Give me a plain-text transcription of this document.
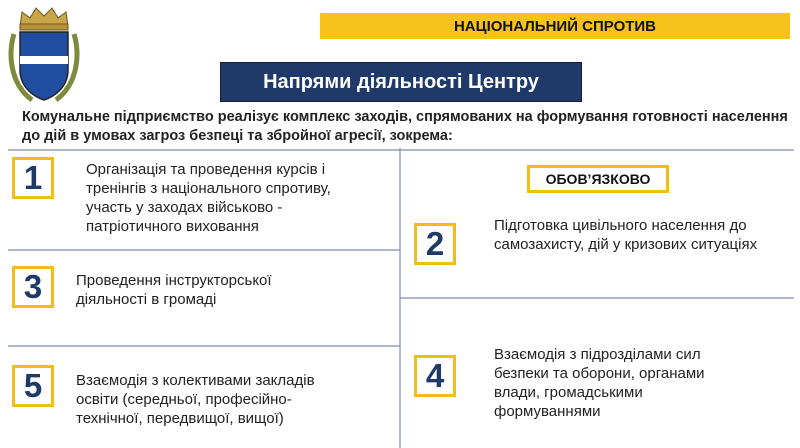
НАЦІОНАЛЬНИЙ СПРОТИВ
Напрями діяльності Центру
Комунальне підприємство реалізує комплекс заходів, спрямованих на формування готовності населення до дій в умовах загроз безпеці та збройної агресії, зокрема:
1	Організація та проведення курсів і тренінгів з національного спротиву, участь у заходах військово - патріотичного виховання
3	Проведення інструкторської діяльності в громаді
5	Взаємодія з колективами закладів освіти (середньої, професійно-технічної, передвищої, вищої)
ОБОВ’ЯЗКОВО
2	Підготовка цивільного населення до самозахисту, дій у кризових ситуаціях
4
Взаємодія з підрозділами сил безпеки та оборони, органами влади, громадськими формуваннями
